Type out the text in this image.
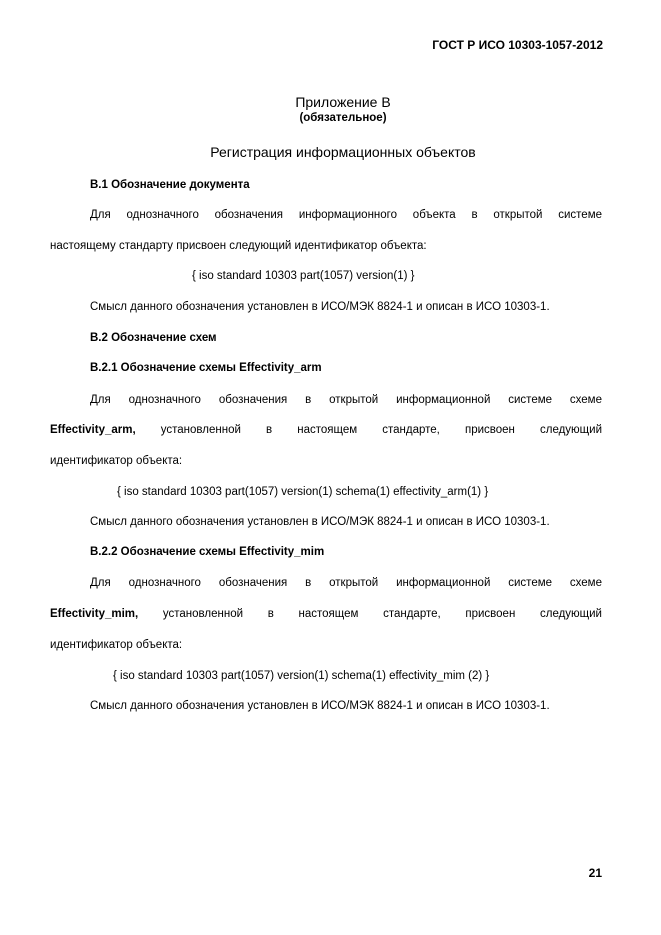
ГОСТ Р ИСО 10303-1057-2012
Приложение В
(обязательное)
Регистрация информационных объектов
В.1 Обозначение документа
Для однозначного обозначения информационного объекта в открытой системе
настоящему стандарту присвоен следующий идентификатор объекта:
{ iso standard 10303 part(1057) version(1) }
Смысл данного обозначения установлен в ИСО/МЭК 8824-1 и описан в ИСО 10303-1.
В.2 Обозначение схем
В.2.1 Обозначение схемы Effectivity_arm
Для однозначного обозначения в открытой информационной системе схеме
Effectivity_arm, установленной в настоящем стандарте, присвоен следующий
идентификатор объекта:
{ iso standard 10303 part(1057) version(1) schema(1) effectivity_arm(1) }
Смысл данного обозначения установлен в ИСО/МЭК 8824-1 и описан в ИСО 10303-1.
В.2.2 Обозначение схемы Effectivity_mim
Для однозначного обозначения в открытой информационной системе схеме
Effectivity_mim, установленной в настоящем стандарте, присвоен следующий
идентификатор объекта:
{ iso standard 10303 part(1057) version(1) schema(1) effectivity_mim (2) }
Смысл данного обозначения установлен в ИСО/МЭК 8824-1 и описан в ИСО 10303-1.
21
